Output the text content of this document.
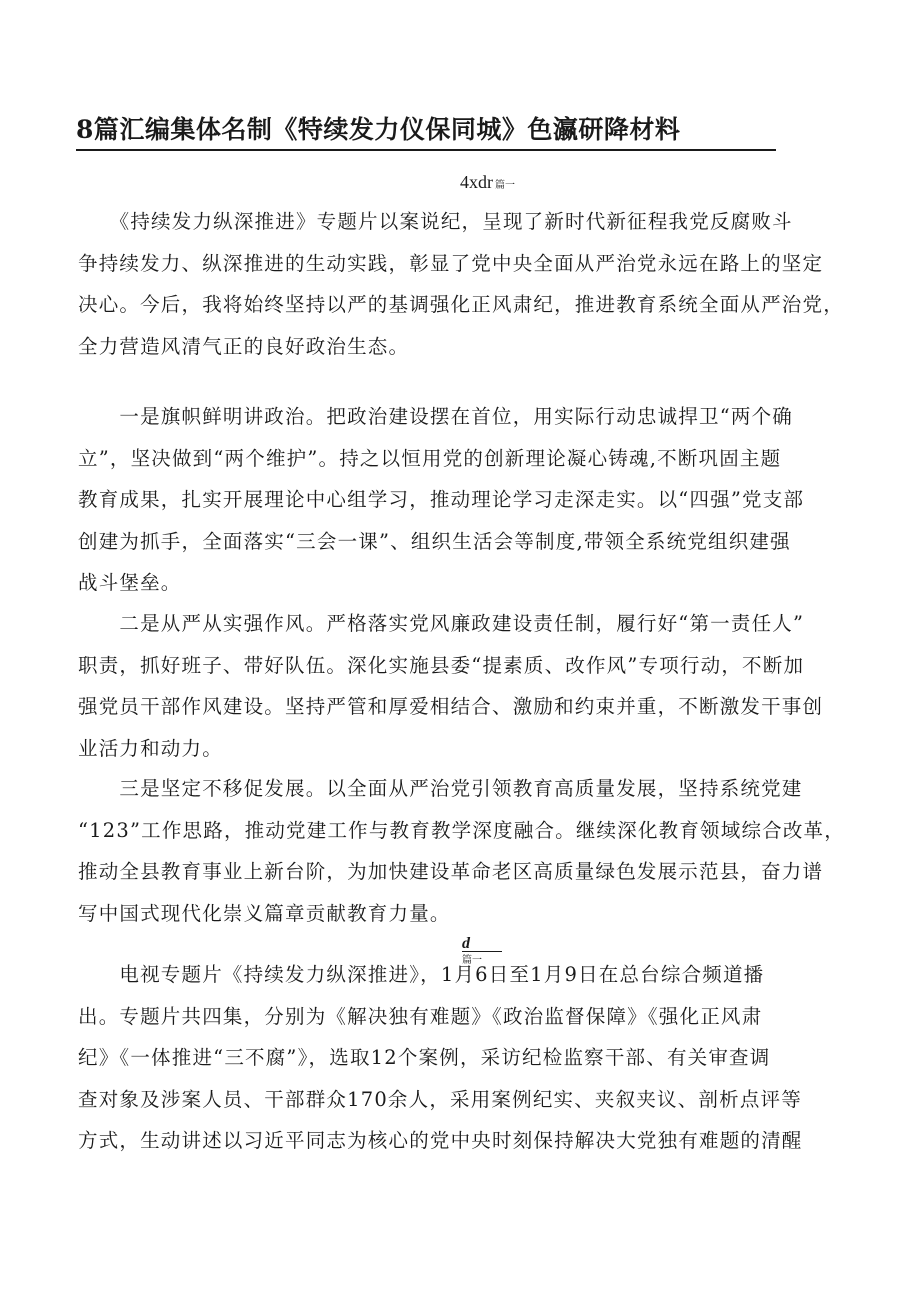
8篇汇编集体名制《特续发力仪保同城》色瀛研降材料
4xdr 篇一
　　《持续发力纵深推进》专题片以案说纪，呈现了新时代新征程我党反腐败斗
争持续发力、纵深推进的生动实践，彰显了党中央全面从严治党永远在路上的坚定
决心。今后，我将始终坚持以严的基调强化正风肃纪，推进教育系统全面从严治党，
全力营造风清气正的良好政治生态。
　　一是旗帜鲜明讲政治。把政治建设摆在首位，用实际行动忠诚捍卫“两个确
立”，坚决做到“两个维护”。持之以恒用党的创新理论凝心铸魂,不断巩固主题
教育成果，扎实开展理论中心组学习，推动理论学习走深走实。以“四强”党支部
创建为抓手，全面落实“三会一课”、组织生活会等制度,带领全系统党组织建强
战斗堡垒。
　　二是从严从实强作风。严格落实党风廉政建设责任制，履行好“第一责任人”
职责，抓好班子、带好队伍。深化实施县委“提素质、改作风”专项行动，不断加
强党员干部作风建设。坚持严管和厚爱相结合、激励和约束并重，不断激发干事创
业活力和动力。
　　三是坚定不移促发展。以全面从严治党引领教育高质量发展，坚持系统党建
“123”工作思路，推动党建工作与教育教学深度融合。继续深化教育领域综合改革，
推动全县教育事业上新台阶，为加快建设革命老区高质量绿色发展示范县，奋力谱
写中国式现代化崇义篇章贡献教育力量。
d
篇一
　　电视专题片《持续发力纵深推进》，1月6日至1月9日在总台综合频道播
出。专题片共四集，分别为《解决独有难题》《政治监督保障》《强化正风肃
纪》《一体推进“三不腐”》，选取12个案例，采访纪检监察干部、有关审查调
查对象及涉案人员、干部群众170余人，采用案例纪实、夹叙夹议、剖析点评等
方式，生动讲述以习近平同志为核心的党中央时刻保持解决大党独有难题的清醒
